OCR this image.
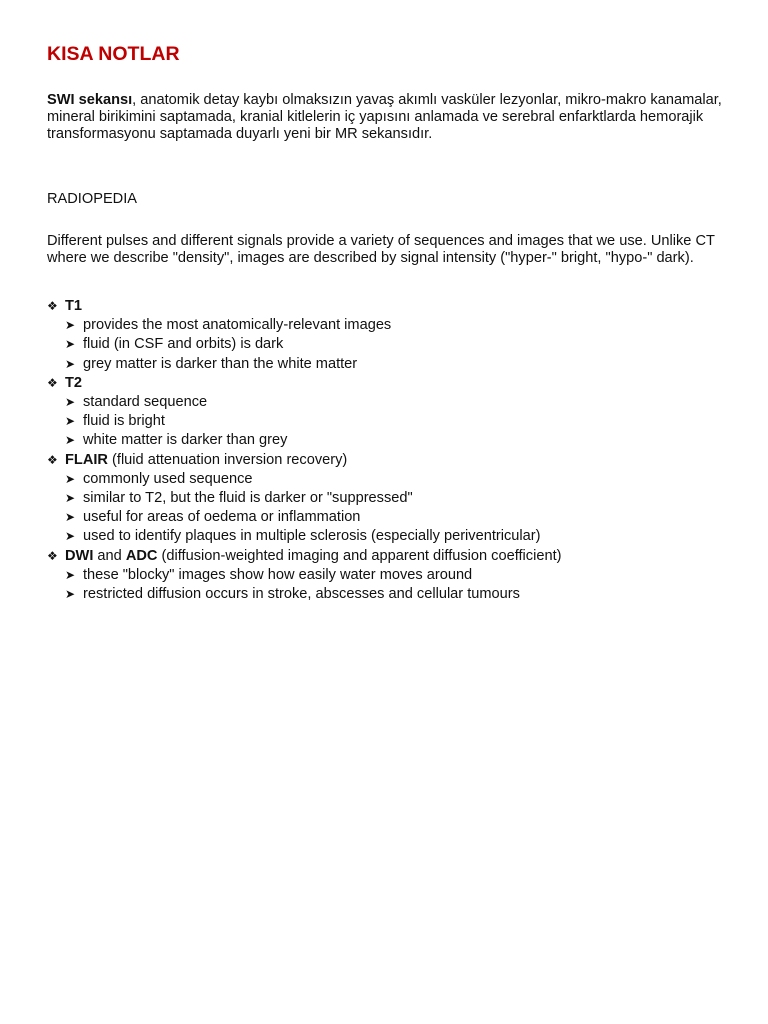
KISA NOTLAR

SWI sekansı, anatomik detay kaybı olmaksızın yavaş akımlı vasküler lezyonlar, mikro-makro kanamalar, mineral birikimini saptamada, kranial kitlelerin iç yapısını anlamada ve serebral enfarktlarda hemorajik transformasyonu saptamada duyarlı yeni bir MR sekansıdır.

RADIOPEDIA

Different pulses and different signals provide a variety of sequences and images that we use. Unlike CT where we describe "density", images are described by signal intensity ("hyper-" bright, "hypo-" dark).

❖ T1
➤ provides the most anatomically-relevant images
➤ fluid (in CSF and orbits) is dark
➤ grey matter is darker than the white matter
❖ T2
➤ standard sequence
➤ fluid is bright
➤ white matter is darker than grey
❖ FLAIR (fluid attenuation inversion recovery)
➤ commonly used sequence
➤ similar to T2, but the fluid is darker or "suppressed"
➤ useful for areas of oedema or inflammation
➤ used to identify plaques in multiple sclerosis (especially periventricular)
❖ DWI and ADC (diffusion-weighted imaging and apparent diffusion coefficient)
➤ these "blocky" images show how easily water moves around
➤ restricted diffusion occurs in stroke, abscesses and cellular tumours
